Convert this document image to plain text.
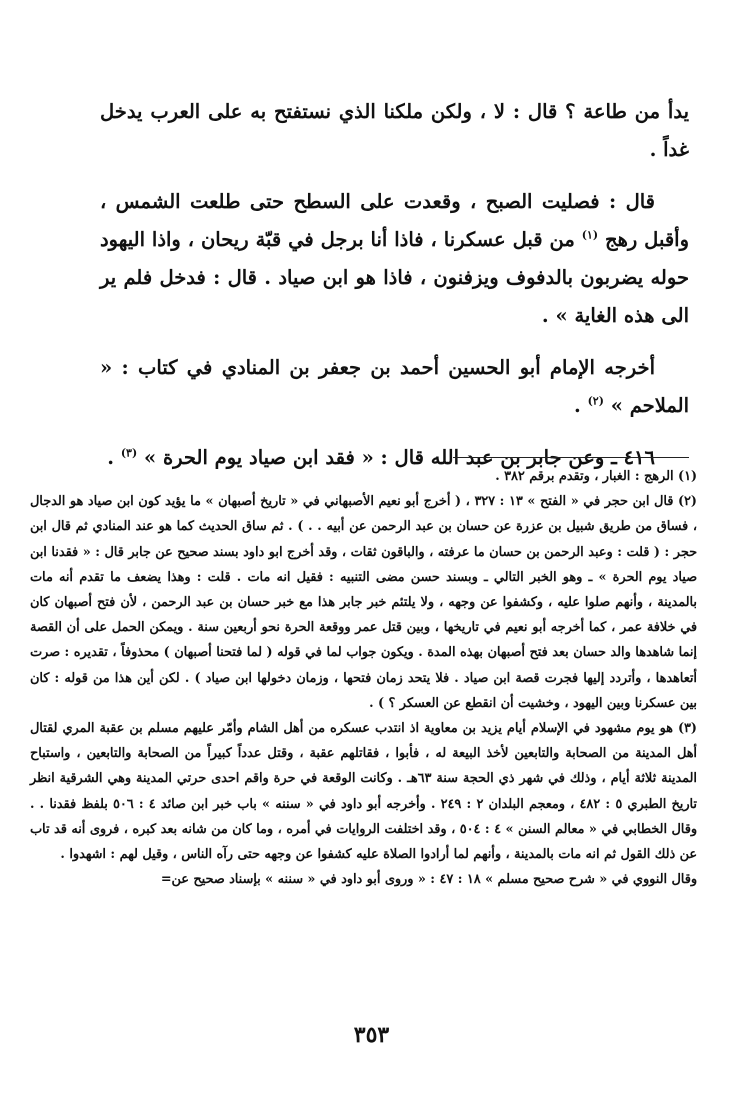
يدأ من طاعة ؟ قال : لا ، ولكن ملكنا الذي نستفتح به على العرب يدخل غداً .

قال : فصليت الصبح ، وقعدت على السطح حتى طلعت الشمس ، وأقبل رهج $^{(١)}$ من قبل عسكرنا ، فاذا أنا برجل في قبّة ريحان ، واذا اليهود حوله يضربون بالدفوف ويزفنون ، فاذا هو ابن صياد . قال : فدخل فلم ير الى هذه الغاية » .

أخرجه الإمام أبو الحسين أحمد بن جعفر بن المنادي في كتاب : « الملاحم » $^{(٢)}$ .

٤١٦ ـ وعن جابر بن عبد الله قال : « فقد ابن صياد يوم الحرة » $^{(٣)}$ .

(١) الرهج : الغبار ، وتقدم برقم ٣٨٢ .

(٢) قال ابن حجر في « الفتح » ١٣ : ٣٢٧ ، ( أخرج أبو نعيم الأصبهاني في « تاريخ أصبهان » ما يؤيد كون ابن صياد هو الدجال ، فساق من طريق شبيل بن عزرة عن حسان بن عبد الرحمن عن أبيه . . ) . ثم ساق الحديث كما هو عند المنادي ثم قال ابن حجر : ( قلت : وعبد الرحمن بن حسان ما عرفته ، والباقون ثقات ، وقد أخرج ابو داود بسند صحيح عن جابر قال : « فقدنا ابن صياد يوم الحرة » ـ وهو الخبر التالي ـ وبسند حسن مضى التنبيه : فقيل انه مات . قلت : وهذا يضعف ما تقدم أنه مات بالمدينة ، وأنهم صلوا عليه ، وكشفوا عن وجهه ، ولا يلتئم خبر جابر هذا مع خبر حسان بن عبد الرحمن ، لأن فتح أصبهان كان في خلافة عمر ، كما أخرجه أبو نعيم في تاريخها ، وبين قتل عمر ووقعة الحرة نحو أربعين سنة . ويمكن الحمل على أن القصة إنما شاهدها والد حسان بعد فتح أصبهان بهذه المدة . ويكون جواب لما في قوله ( لما فتحنا أصبهان ) محذوفاً ، تقديره : صرت أتعاهدها ، وأتردد إليها فجرت قصة ابن صياد . فلا يتحد زمان فتحها ، وزمان دخولها ابن صياد ) . لكن أين هذا من قوله : كان بين عسكرنا وبين اليهود ، وخشيت أن انقطع عن العسكر ؟ ) .

(٣) هو يوم مشهود في الإسلام أيام يزيد بن معاوية اذ انتدب عسكره من أهل الشام وأمّر عليهم مسلم بن عقبة المري لقتال أهل المدينة من الصحابة والتابعين لأخذ البيعة له ، فأبوا ، فقاتلهم عقبة ، وقتل عدداً كبيراً من الصحابة والتابعين ، واستباح المدينة ثلاثة أيام ، وذلك في شهر ذي الحجة سنة ٦٣هـ . وكانت الوقعة في حرة واقم احدى حرتي المدينة وهي الشرقية انظر تاريخ الطبري ٥ : ٤٨٢ ، ومعجم البلدان ٢ : ٢٤٩ . وأخرجه أبو داود في « سننه » باب خبر ابن صائد ٤ : ٥٠٦ بلفظ فقدنا . . وقال الخطابي في « معالم السنن » ٤ : ٥٠٤ ، وقد اختلفت الروايات في أمره ، وما كان من شانه بعد كبره ، فروى أنه قد تاب عن ذلك القول ثم انه مات بالمدينة ، وأنهم لما أرادوا الصلاة عليه كشفوا عن وجهه حتى رآه الناس ، وقيل لهم : اشهدوا .

وقال النووي في « شرح صحيح مسلم » ١٨ : ٤٧ : « وروى أبو داود في « سننه » بإسناد صحيح عن=

٣٥٣
